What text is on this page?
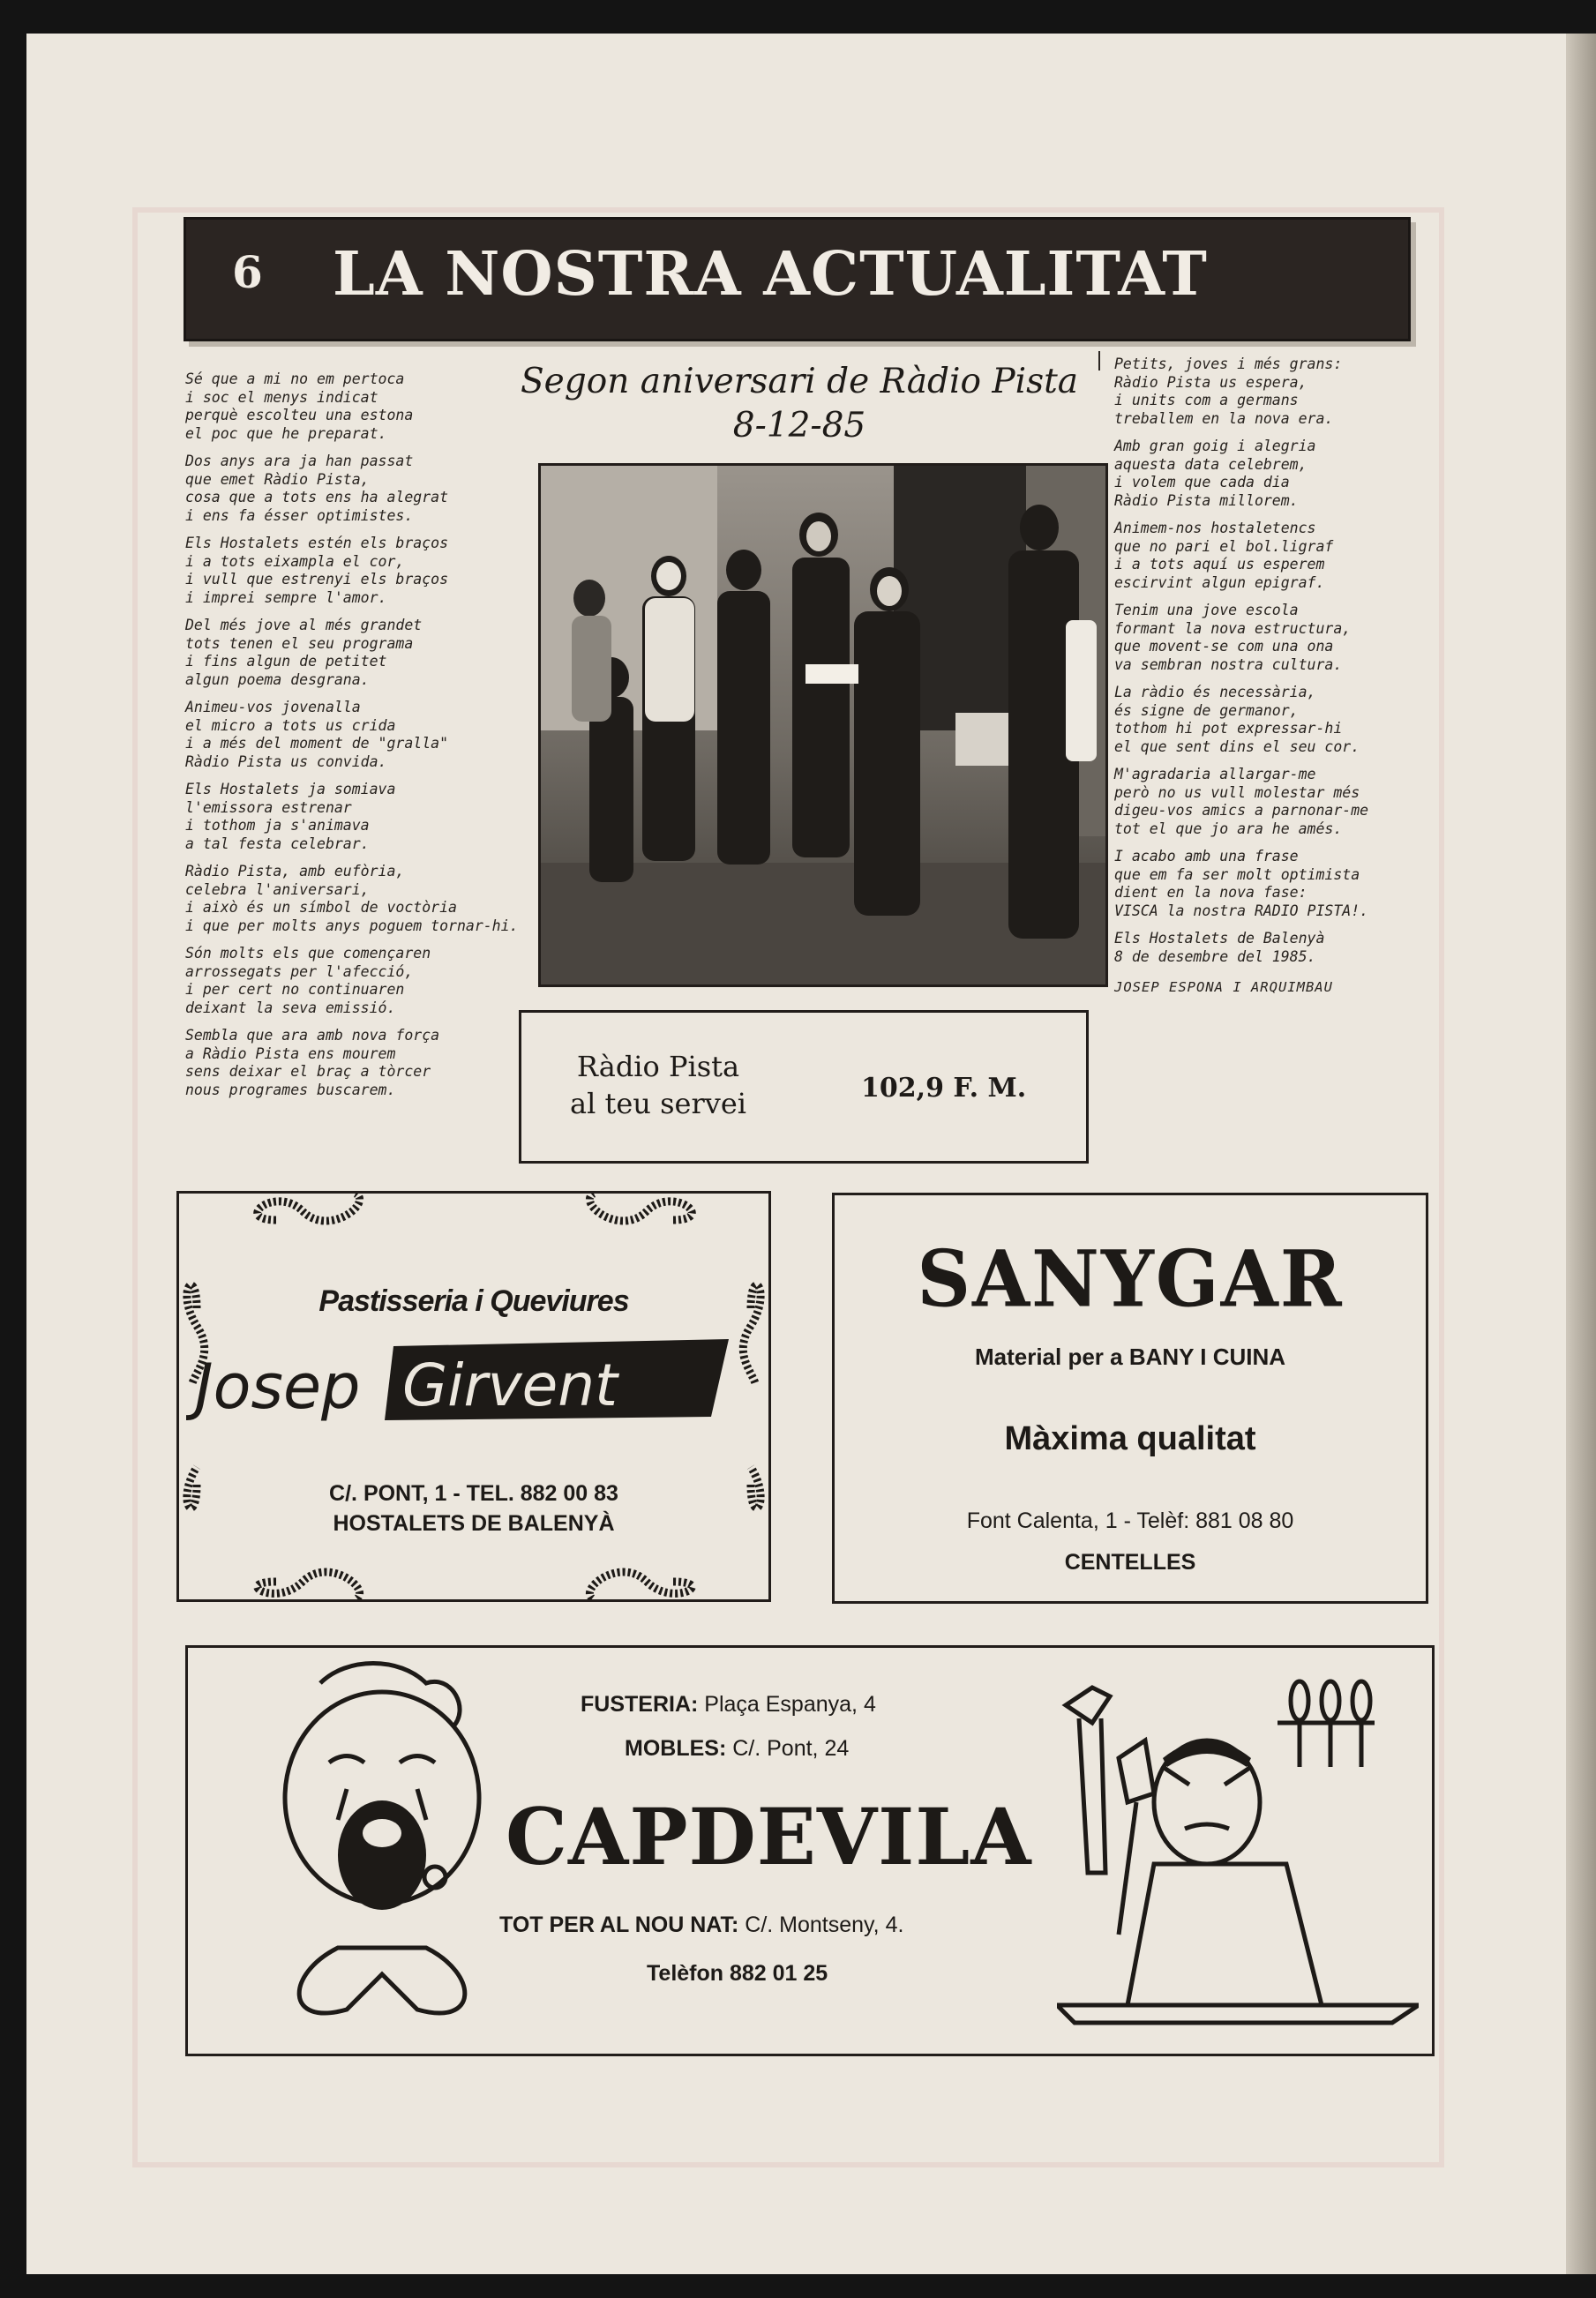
6 LA NOSTRA ACTUALITAT

Sé que a mi no em pertoca
i soc el menys indicat
perquè escolteu una estona
el poc que he preparat.

Dos anys ara ja han passat
que emet Ràdio Pista,
cosa que a tots ens ha alegrat
i ens fa ésser optimistes.

Els Hostalets estén els braços
i a tots eixampla el cor,
i vull que estrenyi els braços
i imprei sempre l'amor.

Del més jove al més grandet
tots tenen el seu programa
i fins algun de petitet
algun poema desgrana.

Animeu-vos jovenalla
el micro a tots us crida
i a més del moment de "gralla"
Ràdio Pista us convida.

Els Hostalets ja somiava
l'emissora estrenar
i tothom ja s'animava
a tal festa celebrar.

Ràdio Pista, amb eufòria,
celebra l'aniversari,
i això és un símbol de voctòria
i que per molts anys poguem tornar-hi.

Són molts els que començaren
arrossegats per l'afecció,
i per cert no continuaren
deixant la seva emissió.

Sembla que ara amb nova força
a Ràdio Pista ens mourem
sens deixar el braç a tòrcer
nous programes buscarem.

Segon aniversari de Ràdio Pista
8-12-85

Petits, joves i més grans:
Ràdio Pista us espera,
i units com a germans
treballem en la nova era.

Amb gran goig i alegria
aquesta data celebrem,
i volem que cada dia
Ràdio Pista millorem.

Animem-nos hostaletencs
que no pari el bol.ligraf
i a tots aquí us esperem
escirvint algun epigraf.

Tenim una jove escola
formant la nova estructura,
que movent-se com una ona
va sembran nostra cultura.

La ràdio és necessària,
és signe de germanor,
tothom hi pot expressar-hi
el que sent dins el seu cor.

M'agradaria allargar-me
però no us vull molestar més
digeu-vos amics a parnonar-me
tot el que jo ara he amés.

I acabo amb una frase
que em fa ser molt optimista
dient en la nova fase:
VISCA la nostra RADIO PISTA!.

Els Hostalets de Balenyà
8 de desembre del 1985.

JOSEP ESPONA I ARQUIMBAU
Ràdio Pista
al teu servei	102,9 F. M.
Pastisseria i Queviures
Josep Girvent
C/. PONT, 1 - TEL. 882 00 83
HOSTALETS DE BALENYÀ
SANYGAR
Material per a BANY I CUINA
Màxima qualitat
Font Calenta, 1 - Telèf: 881 08 80
CENTELLES
FUSTERIA: Plaça Espanya, 4
MOBLES: C/. Pont, 24
CAPDEVILA
TOT PER AL NOU NAT: C/. Montseny, 4.
Telèfon 882 01 25
